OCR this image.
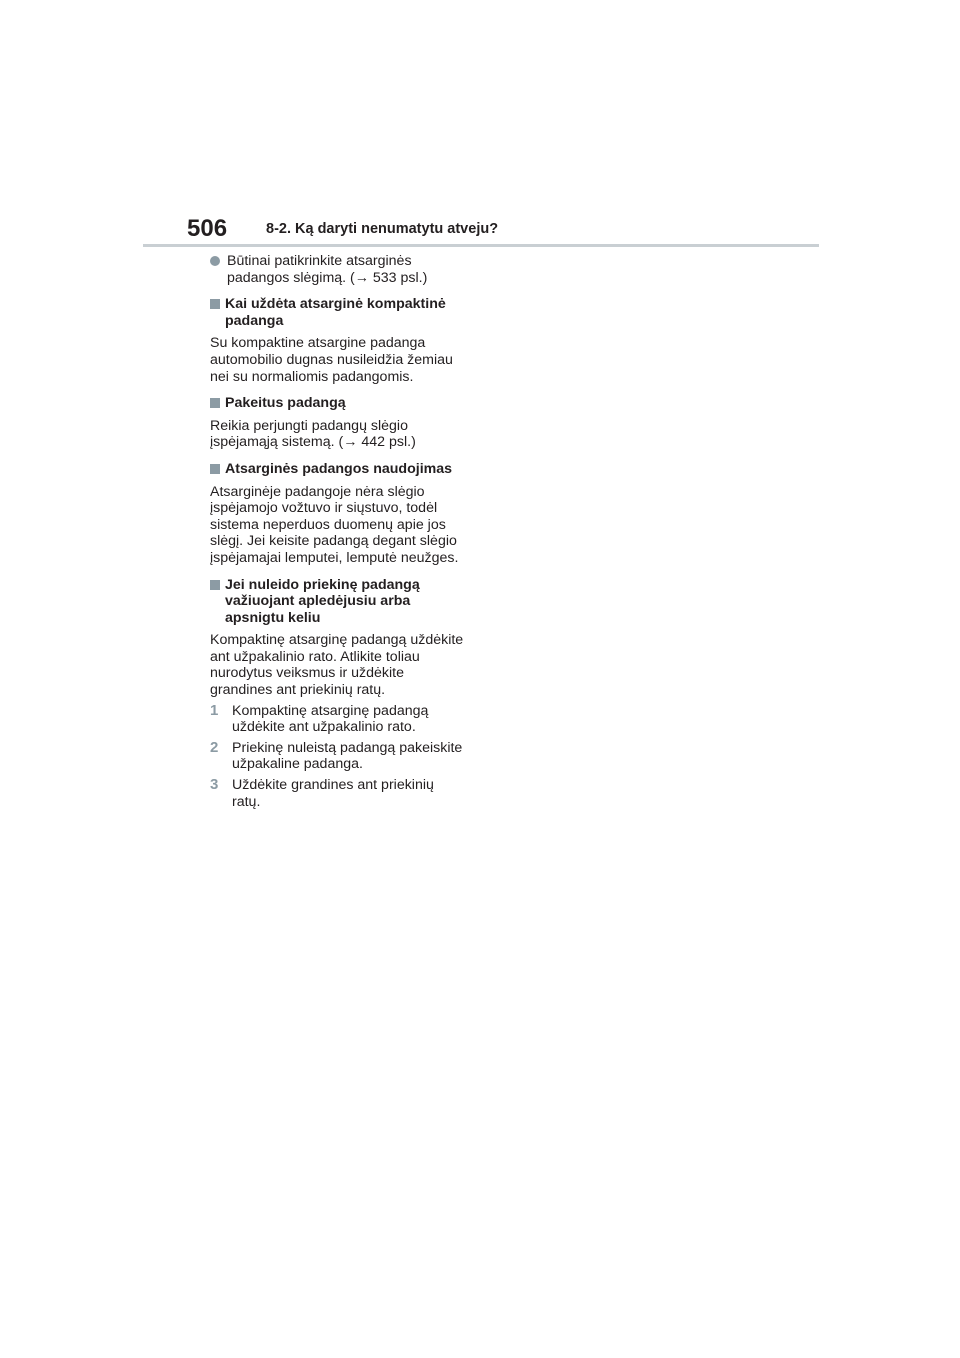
506	8-2. Ką daryti nenumatytu atveju?
Būtinai patikrinkite atsarginės
padangos slėgimą. (→ 533 psl.)
Kai uždėta atsarginė kompaktinė
padanga
Su kompaktine atsargine padanga
automobilio dugnas nusileidžia žemiau
nei su normaliomis padangomis.
Pakeitus padangą
Reikia perjungti padangų slėgio
įspėjamąją sistemą. (→ 442 psl.)
Atsarginės padangos naudojimas
Atsarginėje padangoje nėra slėgio
įspėjamojo vožtuvo ir siųstuvo, todėl
sistema neperduos duomenų apie jos
slėgį. Jei keisite padangą degant slėgio
įspėjamajai lemputei, lemputė neužges.
Jei nuleido priekinę padangą
važiuojant apledėjusiu arba
apsnigtu keliu
Kompaktinę atsarginę padangą uždėkite
ant užpakalinio rato. Atlikite toliau
nurodytus veiksmus ir uždėkite
grandines ant priekinių ratų.
1 Kompaktinę atsarginę padangą
uždėkite ant užpakalinio rato.
2 Priekinę nuleistą padangą pakeiskite
užpakaline padanga.
3 Uždėkite grandines ant priekinių
ratų.
